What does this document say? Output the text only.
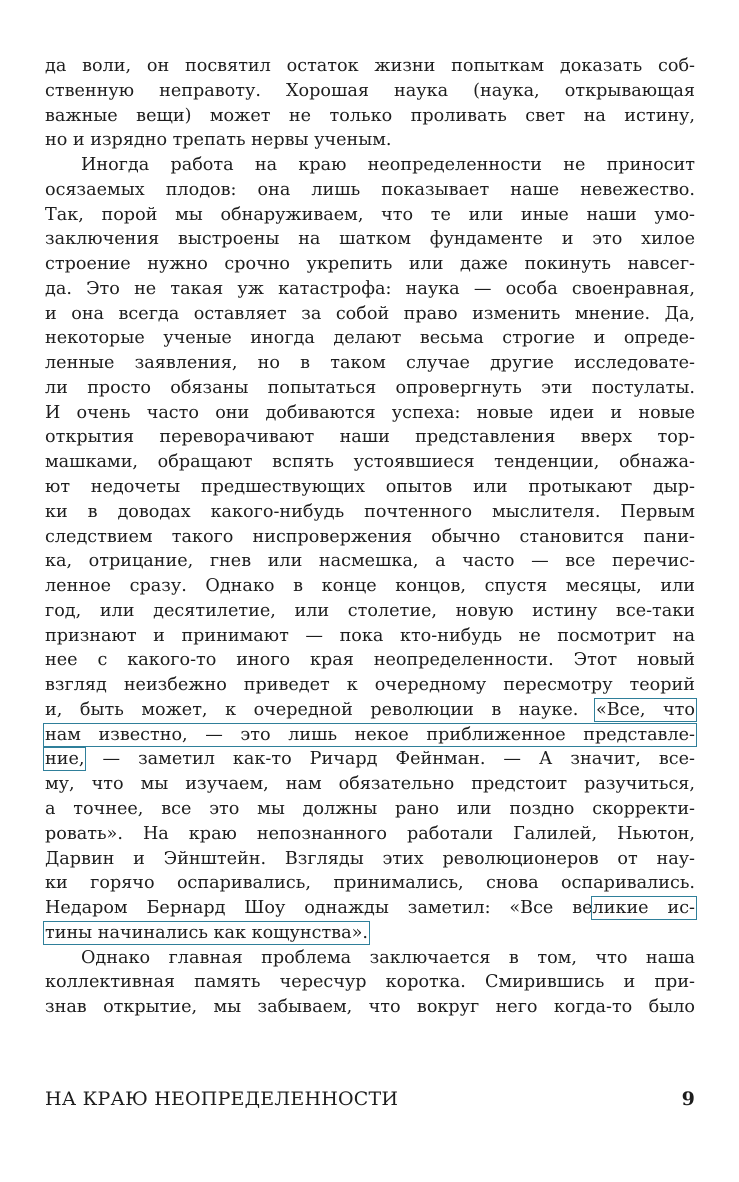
да воли, он посвятил остаток жизни попыткам доказать соб-
ственную неправоту. Хорошая наука (наука, открывающая
важные вещи) может не только проливать свет на истину,
но и изрядно трепать нервы ученым.
Иногда работа на краю неопределенности не приносит
осязаемых плодов: она лишь показывает наше невежество.
Так, порой мы обнаруживаем, что те или иные наши умо-
заключения выстроены на шатком фундаменте и это хилое
строение нужно срочно укрепить или даже покинуть навсег-
да. Это не такая уж катастрофа: наука — особа своенравная,
и она всегда оставляет за собой право изменить мнение. Да,
некоторые ученые иногда делают весьма строгие и опреде-
ленные заявления, но в таком случае другие исследовате-
ли просто обязаны попытаться опровергнуть эти постулаты.
И очень часто они добиваются успеха: новые идеи и новые
открытия переворачивают наши представления вверх тор-
машками, обращают вспять устоявшиеся тенденции, обнажа-
ют недочеты предшествующих опытов или протыкают дыр-
ки в доводах какого-нибудь почтенного мыслителя. Первым
следствием такого ниспровержения обычно становится пани-
ка, отрицание, гнев или насмешка, а часто — все перечис-
ленное сразу. Однако в конце концов, спустя месяцы, или
год, или десятилетие, или столетие, новую истину все-таки
признают и принимают — пока кто-нибудь не посмотрит на
нее с какого-то иного края неопределенности. Этот новый
взгляд неизбежно приведет к очередному пересмотру теорий
и, быть может, к очередной революции в науке. «Все, что
нам известно, — это лишь некое приближенное представле-
ние, — заметил как-то Ричард Фейнман. — А значит, все-
му, что мы изучаем, нам обязательно предстоит разучиться,
а точнее, все это мы должны рано или поздно скорректи-
ровать». На краю непознанного работали Галилей, Ньютон,
Дарвин и Эйнштейн. Взгляды этих революционеров от нау-
ки горячо оспаривались, принимались, снова оспаривались.
Недаром Бернард Шоу однажды заметил: «Все великие ис-
тины начинались как кощунства».
Однако главная проблема заключается в том, что наша
коллективная память чересчур коротка. Смирившись и при-
знав открытие, мы забываем, что вокруг него когда-то было
НА КРАЮ НЕОПРЕДЕЛЕННОСТИ	9
